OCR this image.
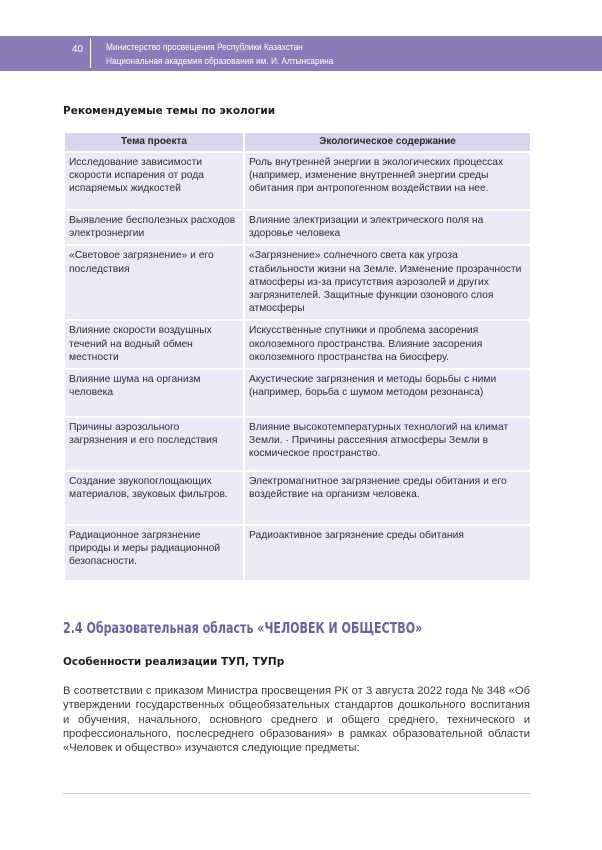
40	Министерство просвещения Республики Казахстан
Национальная академия образования им. И. Алтынсарина
Рекомендуемые темы по экологии
Тема проекта	Экологическое содержание
Исследование зависимости скорости испарения от рода испаряемых жидкостей	Роль внутренней энергии в экологических процессах (например, изменение внутренней энергии среды обитания при антропогенном воздействии на нее.
Выявление бесполезных расходов электроэнергии	Влияние электризации и электрического поля на здоровье человека
«Световое загрязнение» и его последствия	«Загрязнение» солнечного света как угроза стабильности жизни на Земле. Изменение прозрачности атмосферы из-за присутствия аэрозолей и других загрязнителей. Защитные функции озонового слоя атмосферы
Влияние скорости воздушных течений на водный обмен местности	Искусственные спутники и проблема засорения околоземного пространства. Влияние засорения околоземного пространства на биосферу.
Влияние шума на организм человека	Акустические загрязнения и методы борьбы с ними (например, борьба с шумом методом резонанса)
Причины аэрозольного загрязнения и его последствия	Влияние высокотемпературных технологий на климат Земли. · Причины рассеяния атмосферы Земли в космическое пространство.
Создание звукопоглощающих материалов, звуковых фильтров.	Электромагнитное загрязнение среды обитания и его воздействие на организм человека.
Радиационное загрязнение природы и меры радиационной безопасности.	Радиоактивное загрязнение среды обитания
2.4 Образовательная область «ЧЕЛОВЕК И ОБЩЕСТВО»
Особенности реализации ТУП, ТУПр
В соответствии с приказом Министра просвещения РК от 3 августа 2022 года № 348 «Об утверждении государственных общеобязательных стандартов дошкольного воспитания и обучения, начального, основного среднего и общего среднего, технического и профессионального, послесреднего образования» в рамках образовательной области «Человек и общество» изучаются следующие предметы:
